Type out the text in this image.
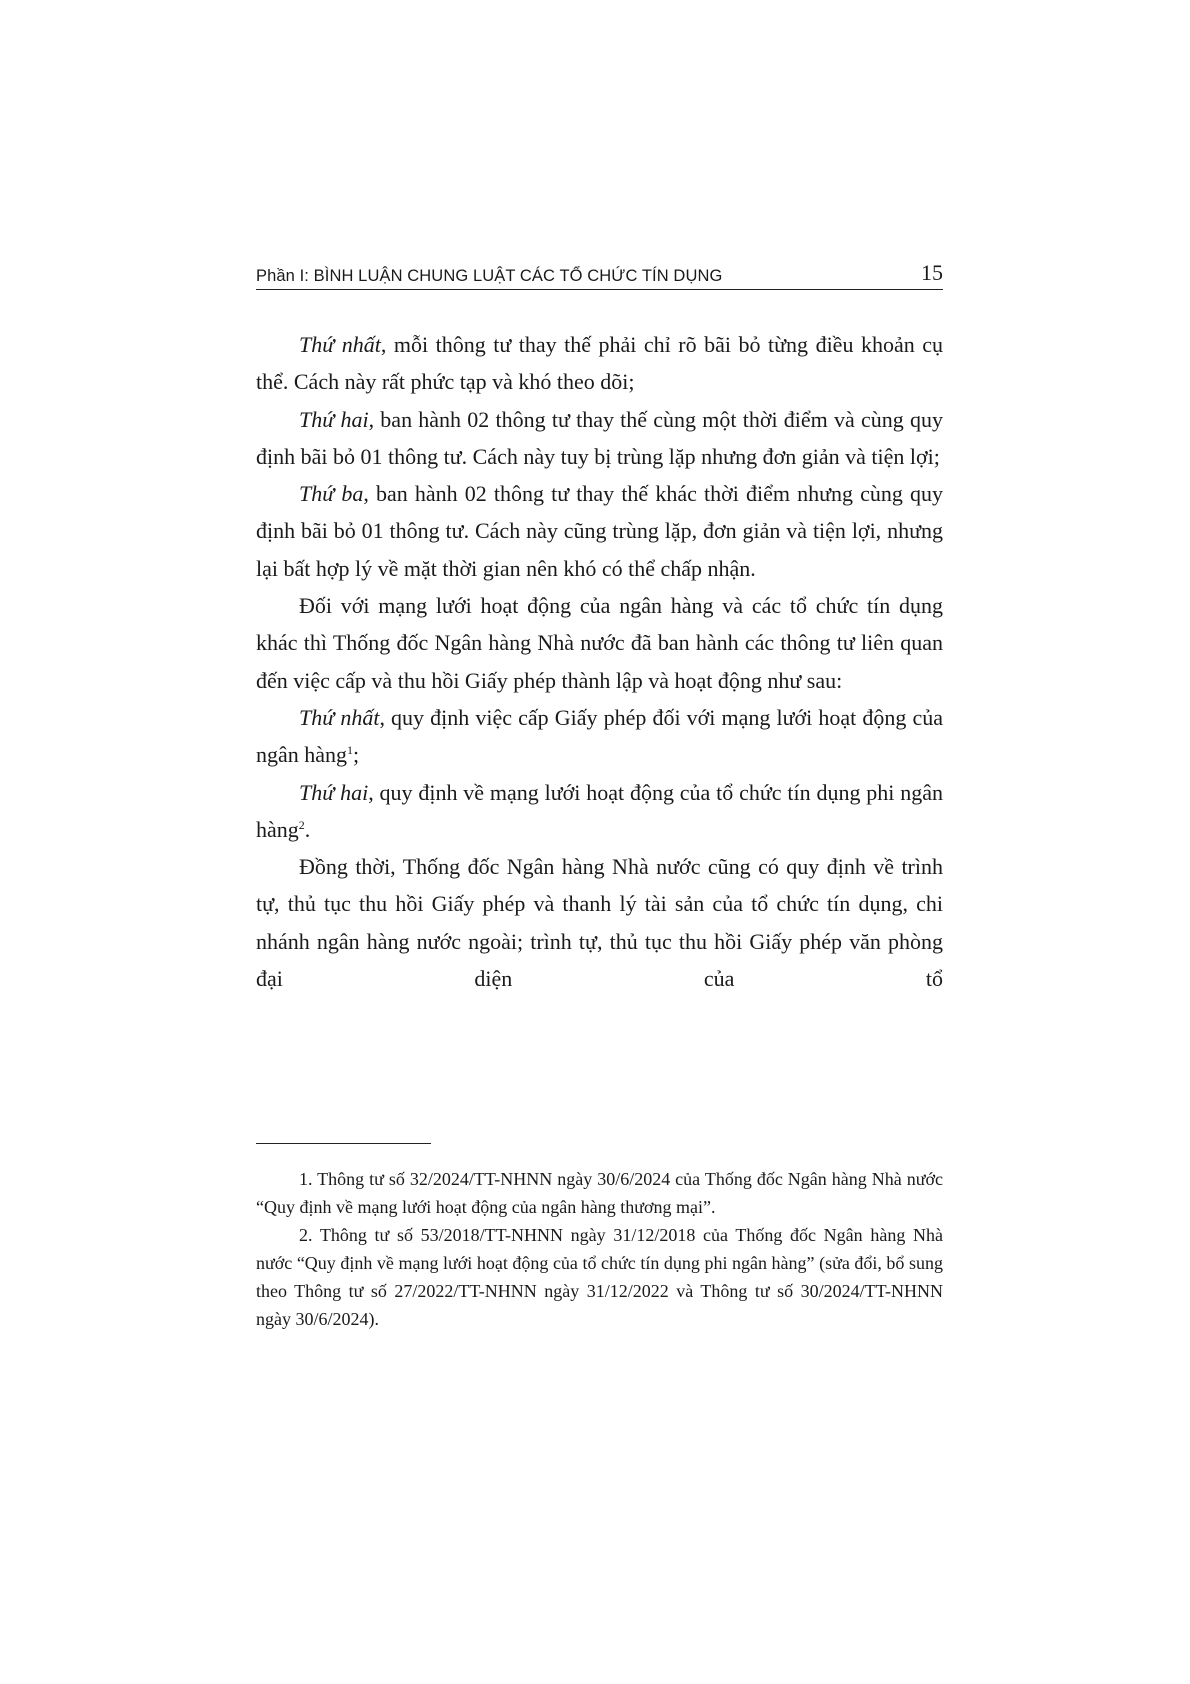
Phần I: BÌNH LUẬN CHUNG LUẬT CÁC TỔ CHỨC TÍN DỤNG	15

Thứ nhất, mỗi thông tư thay thế phải chỉ rõ bãi bỏ từng điều khoản cụ thể. Cách này rất phức tạp và khó theo dõi;

Thứ hai, ban hành 02 thông tư thay thế cùng một thời điểm và cùng quy định bãi bỏ 01 thông tư. Cách này tuy bị trùng lặp nhưng đơn giản và tiện lợi;

Thứ ba, ban hành 02 thông tư thay thế khác thời điểm nhưng cùng quy định bãi bỏ 01 thông tư. Cách này cũng trùng lặp, đơn giản và tiện lợi, nhưng lại bất hợp lý về mặt thời gian nên khó có thể chấp nhận.

Đối với mạng lưới hoạt động của ngân hàng và các tổ chức tín dụng khác thì Thống đốc Ngân hàng Nhà nước đã ban hành các thông tư liên quan đến việc cấp và thu hồi Giấy phép thành lập và hoạt động như sau:

Thứ nhất, quy định việc cấp Giấy phép đối với mạng lưới hoạt động của ngân hàng$^1$;

Thứ hai, quy định về mạng lưới hoạt động của tổ chức tín dụng phi ngân hàng$^2$.

Đồng thời, Thống đốc Ngân hàng Nhà nước cũng có quy định về trình tự, thủ tục thu hồi Giấy phép và thanh lý tài sản của tổ chức tín dụng, chi nhánh ngân hàng nước ngoài; trình tự, thủ tục thu hồi Giấy phép văn phòng đại diện của tổ

1. Thông tư số 32/2024/TT-NHNN ngày 30/6/2024 của Thống đốc Ngân hàng Nhà nước “Quy định về mạng lưới hoạt động của ngân hàng thương mại”.

2. Thông tư số 53/2018/TT-NHNN ngày 31/12/2018 của Thống đốc Ngân hàng Nhà nước “Quy định về mạng lưới hoạt động của tổ chức tín dụng phi ngân hàng” (sửa đổi, bổ sung theo Thông tư số 27/2022/TT-NHNN ngày 31/12/2022 và Thông tư số 30/2024/TT-NHNN ngày 30/6/2024).
